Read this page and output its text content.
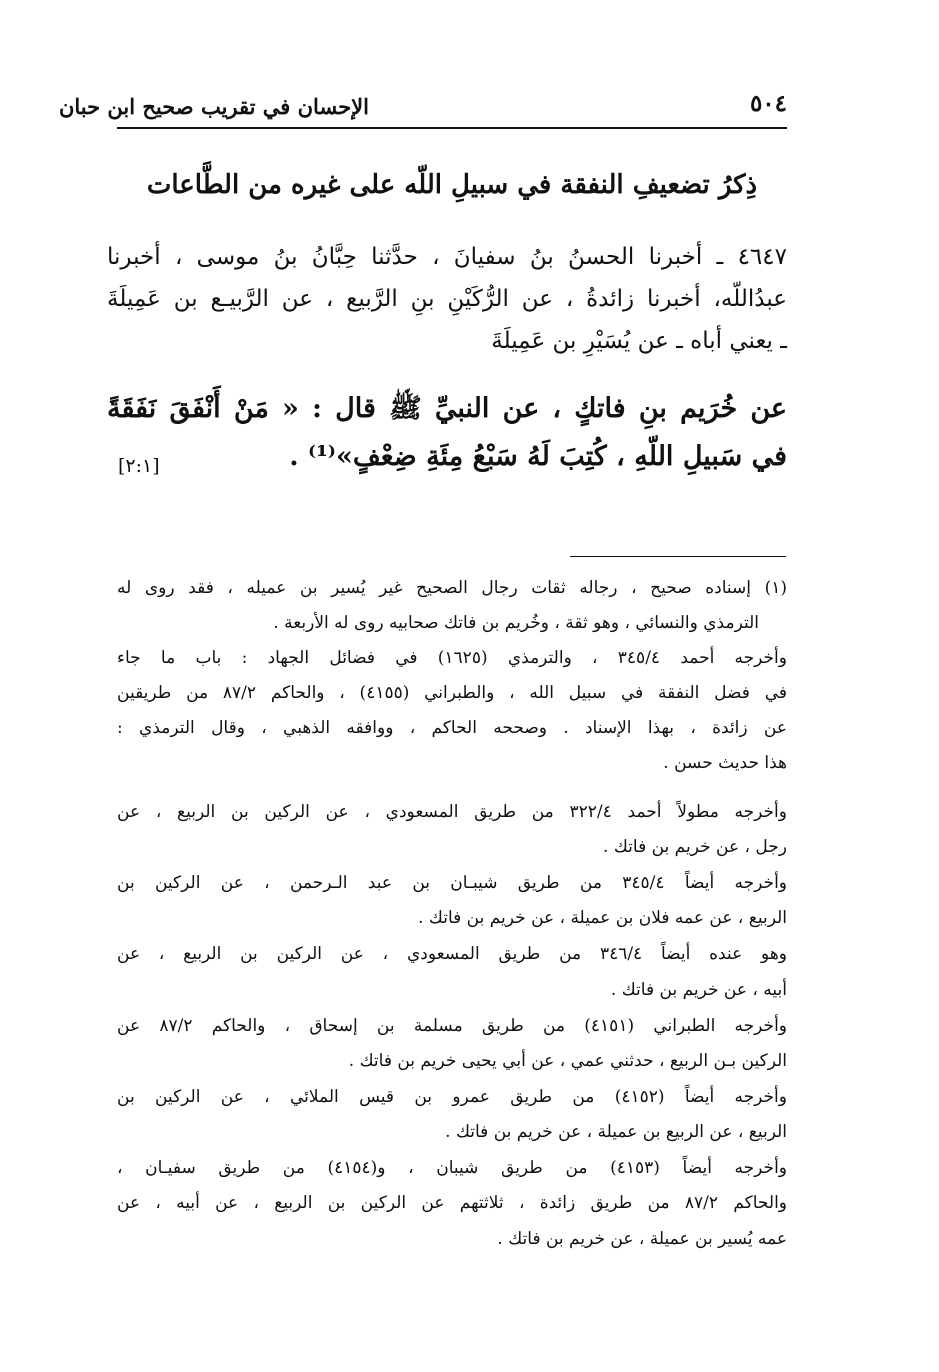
٥٠٤
الإحسان في تقريب صحيح ابن حبان
ذِكرُ تضعيفِ النفقة في سبيلِ اللّه على غيره من الطَّاعات
٤٦٤٧ ـ أخبرنا الحسنُ بنُ سفيانَ ، حدَّثنا حِبَّانُ بنُ موسى ، أخبرنا
عبدُاللّه، أخبرنا زائدةُ ، عن الرُّكَيْنِ بنِ الرَّبيع ، عن الرَّبيـع بن عَمِيلَةَ
ـ يعني أباه ـ عن يُسَيْرِ بن عَمِيلَةَ
عن خُرَيم بنِ فاتكٍ ، عن النبيِّ ﷺ قال : « مَنْ أَنْفَقَ نَفَقَةً
في سَبيلِ اللّهِ ، كُتِبَ لَهُ سَبْعُ مِئَةِ ضِعْفٍ»⁽¹⁾ .
[٢:١]
(١) إسناده صحيح ، رجاله ثقات رجال الصحيح غير يُسير بن عميله ، فقد روى له
الترمذي والنسائي ، وهو ثقة ، وخُريم بن فاتك صحابيه روى له الأربعة .
وأخرجه أحمد ٣٤٥/٤ ، والترمذي (١٦٢٥) في فضائل الجهاد : باب ما جاء
في فضل النفقة في سبيل الله ، والطبراني (٤١٥٥) ، والحاكم ٨٧/٢ من طريقين
عن زائدة ، بهذا الإسناد . وصححه الحاكم ، ووافقه الذهبي ، وقال الترمذي :
هذا حديث حسن .
وأخرجه مطولاً أحمد ٣٢٢/٤ من طريق المسعودي ، عن الركين بن الربيع ، عن
رجل ، عن خريم بن فاتك .
وأخرجه أيضاً ٣٤٥/٤ من طريق شيبـان بن عبد الـرحمن ، عن الركين بن
الربيع ، عن عمه فلان بن عميلة ، عن خريم بن فاتك .
وهو عنده أيضاً ٣٤٦/٤ من طريق المسعودي ، عن الركين بن الربيع ، عن
أبيه ، عن خريم بن فاتك .
وأخرجه الطبراني (٤١٥١) من طريق مسلمة بن إسحاق ، والحاكم ٨٧/٢ عن
الركين بـن الربيع ، حدثني عمي ، عن أبي يحيى خريم بن فاتك .
وأخرجه أيضاً (٤١٥٢) من طريق عمرو بن قيس الملائي ، عن الركين بن
الربيع ، عن الربيع بن عميلة ، عن خريم بن فاتك .
وأخرجه أيضاً (٤١٥٣) من طريق شيبان ، و(٤١٥٤) من طريق سفيـان ،
والحاكم ٨٧/٢ من طريق زائدة ، ثلاثتهم عن الركين بن الربيع ، عن أبيه ، عن
عمه يُسير بن عميلة ، عن خريم بن فاتك .
